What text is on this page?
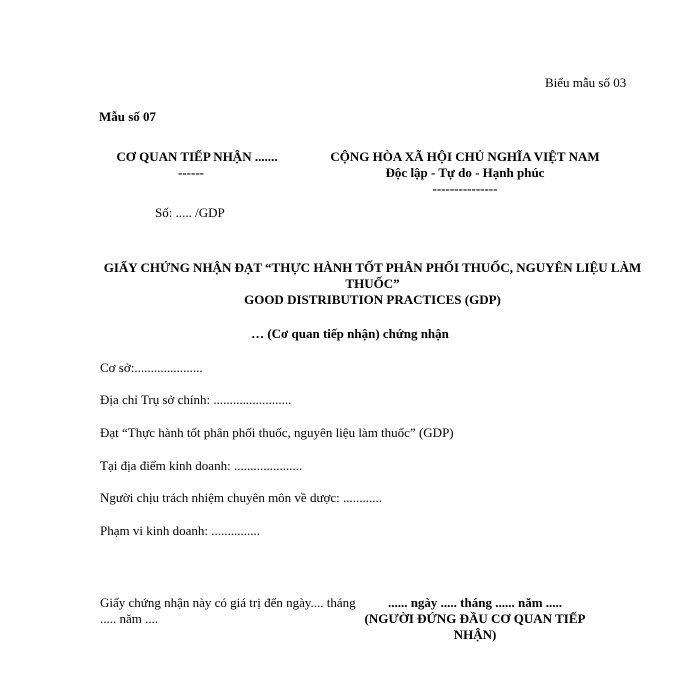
Biểu mẫu số 03
Mẫu số 07
CƠ QUAN TIẾP NHẬN .......
------
CỘNG HÒA XÃ HỘI CHỦ NGHĨA VIỆT NAM
Độc lập - Tự do - Hạnh phúc
---------------
Số: ..... /GDP
GIẤY CHỨNG NHẬN ĐẠT “THỰC HÀNH TỐT PHÂN PHỐI THUỐC, NGUYÊN LIỆU LÀM THUỐC”
GOOD DISTRIBUTION PRACTICES (GDP)
… (Cơ quan tiếp nhận) chứng nhận
Cơ sở:.....................
Địa chỉ Trụ sở chính: ........................
Đạt “Thực hành tốt phân phối thuốc, nguyên liệu làm thuốc” (GDP)
Tại địa điểm kinh doanh: .....................
Người chịu trách nhiệm chuyên môn về dược: ............
Phạm vi kinh doanh: ...............
Giấy chứng nhận này có giá trị đến ngày.... tháng ..... năm ....
...... ngày ..... tháng ...... năm .....
(NGƯỜI ĐỨNG ĐẦU CƠ QUAN TIẾP NHẬN)
